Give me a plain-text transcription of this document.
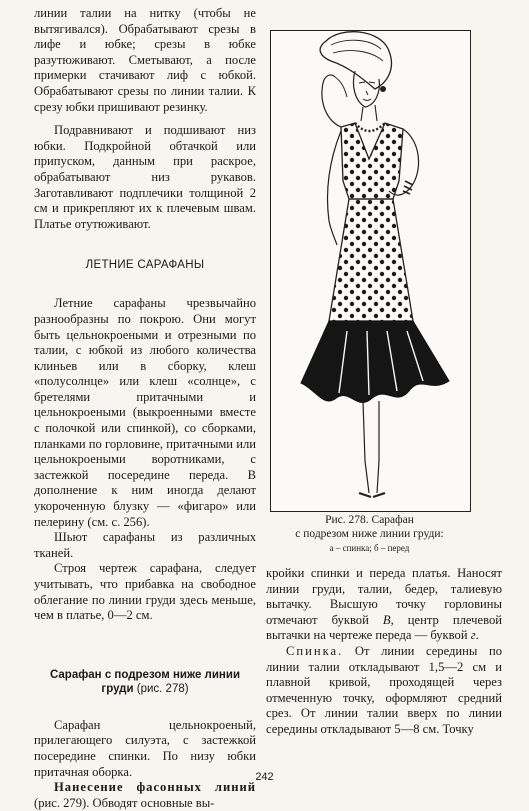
линии талии на нитку (чтобы не вытягивался). Обрабатывают срезы в лифе и юбке; срезы в юбке разутюживают. Сметывают, а после примерки стачивают лиф с юбкой. Обрабатывают срезы по линии талии. К срезу юбки пришивают резинку.

Подравнивают и подшивают низ юбки. Подкройной обтачкой или припуском, данным при раскрое, обрабатывают низ рукавов. Заготавливают подплечики толщиной 2 см и прикрепляют их к плечевым швам. Платье отутюживают.

ЛЕТНИЕ САРАФАНЫ

Летние сарафаны чрезвычайно разнообразны по покрою. Они могут быть цельнокроеными и отрезными по талии, с юбкой из любого количества клиньев или в сборку, клеш «полусолнце» или клеш «солнце», с бретелями притачными и цельнокроеными (выкроенными вместе с полочкой или спинкой), со сборками, планками по горловине, притачными или цельнокроеными воротниками, с застежкой посередине переда. В дополнение к ним иногда делают укороченную блузку — «фигаро» или пелерину (см. с. 256).

Шьют сарафаны из различных тканей.

Строя чертеж сарафана, следует учитывать, что прибавка на свободное облегание по линии груди здесь меньше, чем в платье, 0—2 см.

Сарафан с подрезом ниже линии груди (рис. 278)

Сарафан цельнокроеный, прилегающего силуэта, с застежкой посередине спинки. По низу юбки притачная оборка.

Нанесение фасонных линий (рис. 279). Обводят основные вы-

Рис. 278. Сарафан
с подрезом ниже линии груди:
а – спинка; б – перед

кройки спинки и переда платья. Наносят линии груди, талии, бедер, талиевую вытачку. Высшую точку горловины отмечают буквой В, центр плечевой вытачки на чертеже переда — буквой г.

Спинка. От линии середины по линии талии откладывают 1,5—2 см и плавной кривой, проходящей через отмеченную точку, оформляют средний срез. От линии талии вверх по линии середины откладывают 5—8 см. Точку

242
